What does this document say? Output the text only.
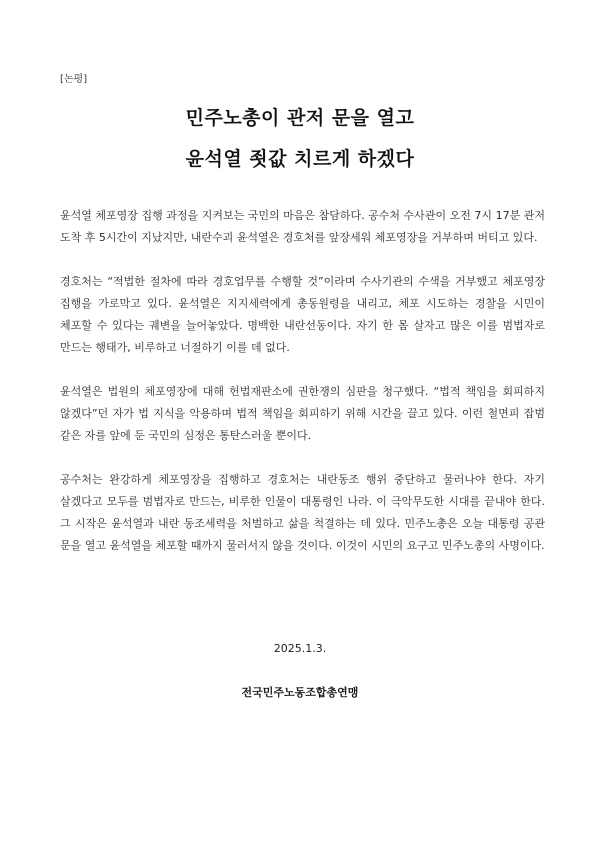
[논평]
민주노총이 관저 문을 열고
윤석열 죗값 치르게 하겠다

윤석열 체포영장 집행 과정을 지켜보는 국민의 마음은 참담하다. 공수처 수사관이 오전 7시 17분 관저 도착 후 5시간이 지났지만, 내란수괴 윤석열은 경호처를 앞장세워 체포영장을 거부하며 버티고 있다.

경호처는 “적법한 절차에 따라 경호업무를 수행할 것”이라며 수사기관의 수색을 거부했고 체포영장 집행을 가로막고 있다. 윤석열은 지지세력에게 총동원령을 내리고, 체포 시도하는 경찰을 시민이 체포할 수 있다는 궤변을 늘어놓았다. 명백한 내란선동이다. 자기 한 몸 살자고 많은 이를 범법자로 만드는 행태가, 비루하고 너절하기 이를 데 없다.

윤석열은 법원의 체포영장에 대해 헌법재판소에 권한쟁의 심판을 청구했다. “법적 책임을 회피하지 않겠다”던 자가 법 지식을 악용하며 법적 책임을 회피하기 위해 시간을 끌고 있다. 이런 철면피 잡범 같은 자를 앞에 둔 국민의 심정은 통탄스러울 뿐이다.

공수처는 완강하게 체포영장을 집행하고 경호처는 내란동조 행위 중단하고 물러나야 한다. 자기 살겠다고 모두를 범법자로 만드는, 비루한 인물이 대통령인 나라. 이 극악무도한 시대를 끝내야 한다. 그 시작은 윤석열과 내란 동조세력을 처벌하고 삶을 척결하는 데 있다. 민주노총은 오늘 대통령 공관 문을 열고 윤석열을 체포할 때까지 물러서지 않을 것이다. 이것이 시민의 요구고 민주노총의 사명이다.

2025.1.3.
전국민주노동조합총연맹
